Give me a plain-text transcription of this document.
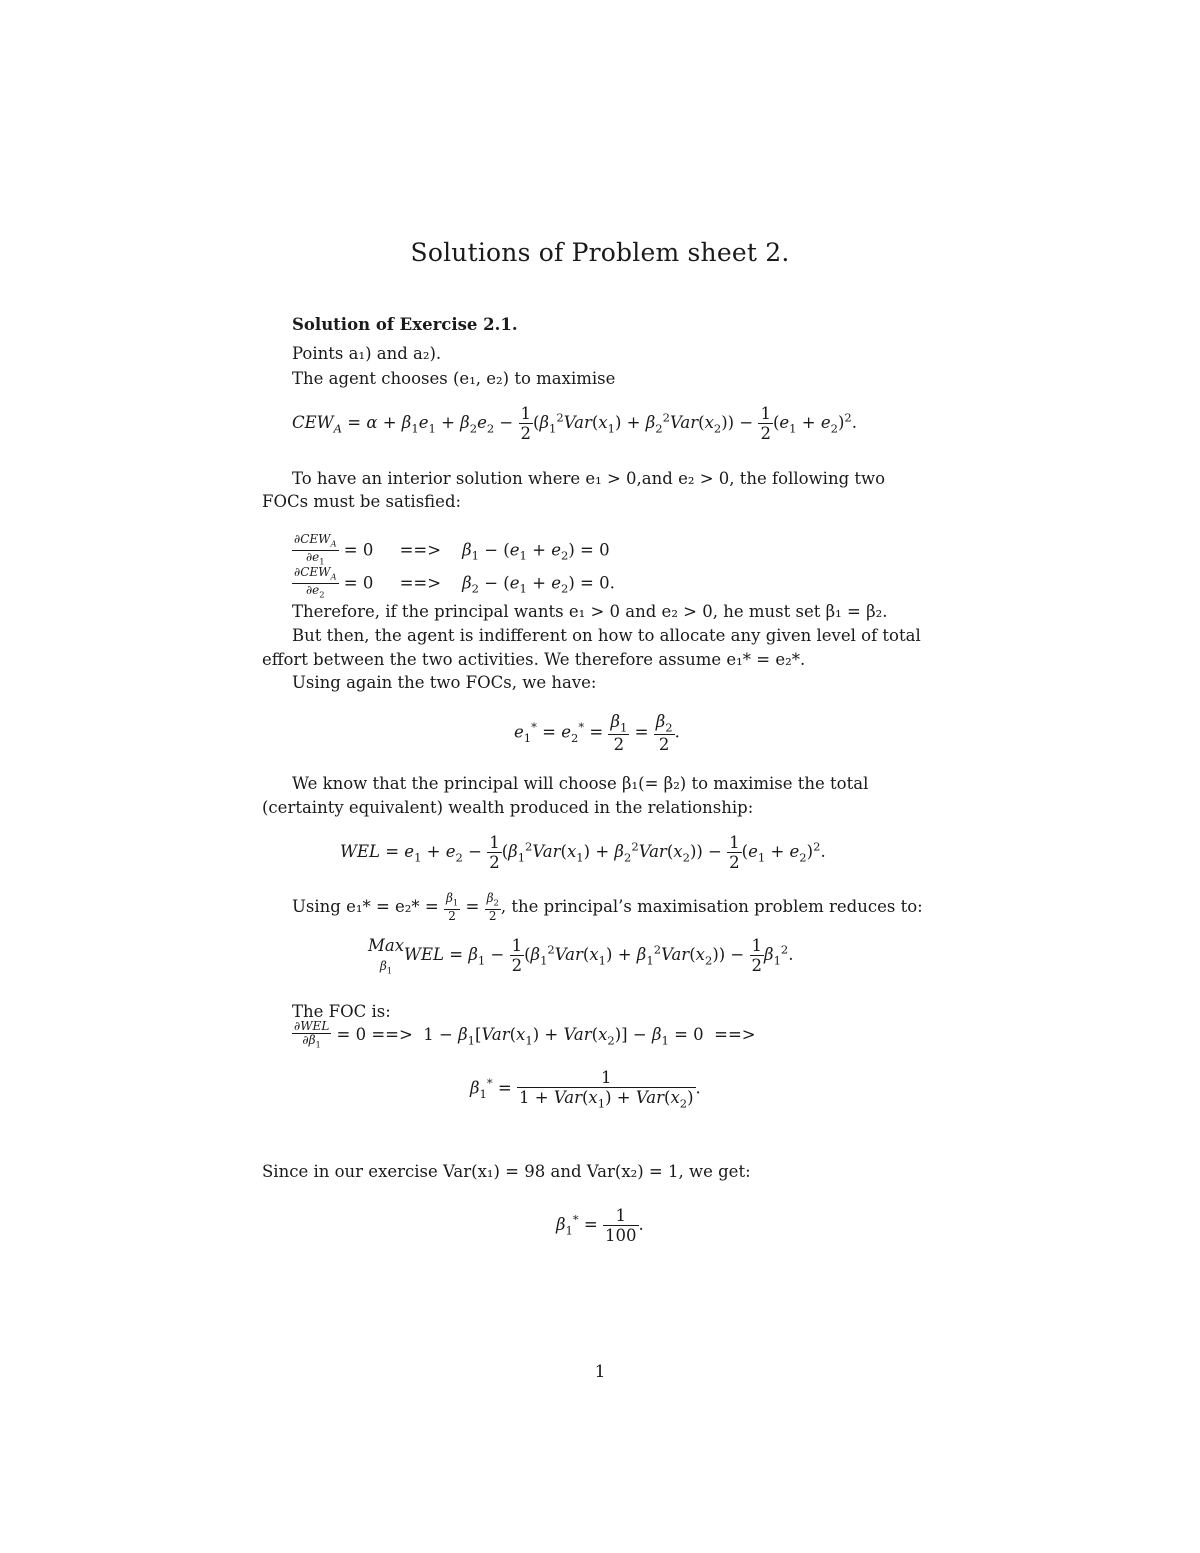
Solutions of Problem sheet 2.
Solution of Exercise 2.1.
Points a₁) and a₂).
The agent chooses (e₁, e₂) to maximise
$CEW_A = \alpha + \beta_1e_1 + \beta_2e_2 - \frac{1}{2} (\beta_1^2Var(x_1) + \beta_2^2Var(x_2)) - \frac{1}{2} (e_1 + e_2)^2$.
To have an interior solution where e₁ > 0,and e₂ > 0, the following two
FOCs must be satisfied:
$\frac{\partial CEW_A}{\partial e_1} = 0$     ==>    $\beta_1 - (e_1 + e_2) = 0$
$\frac{\partial CEW_A}{\partial e_2} = 0$     ==>    $\beta_2 - (e_1 + e_2) = 0$.
Therefore, if the principal wants e₁ > 0 and e₂ > 0, he must set β₁ = β₂.
But then, the agent is indifferent on how to allocate any given level of total
effort between the two activities. We therefore assume e₁* = e₂*.
Using again the two FOCs, we have:
$e_1^* = e_2^* = \frac{\beta_1}{2} = \frac{\beta_2}{2}$ .
We know that the principal will choose β₁(= β₂) to maximise the total
(certainty equivalent) wealth produced in the relationship:
WEL = $e_1 + e_2 - \frac{1}{2} (\beta_1^2Var(x_1) + \beta_2^2Var(x_2)) - \frac{1}{2} (e_1 + e_2)^2$.
Using $e_1* = e_2* = \frac{\beta_1}{2} = \frac{\beta_2}{2}$ , the principal’s maximisation problem reduces to:
Max
$\beta_1WEL = \beta_1 - \frac{1}{2} (\beta_1^2Var(x_1) + \beta_1^2Var(x_2)) - \frac{1}{2} \beta_1^2$.
The FOC is:
$\frac{\text{∂WEL}}{\partial\beta_1} = 0$ ==>  $1 - \beta_1[Var(x_1) + Var(x_2)] - \beta_1 = 0$  ==>
$\beta_1^* = \frac{1}{1 + Var(x_1) + Var(x_2)}$ .
Since in our exercise Var(x₁) = 98 and Var(x₂) = 1, we get:
$\beta_1^* = \frac{1}{100}$ .
1
